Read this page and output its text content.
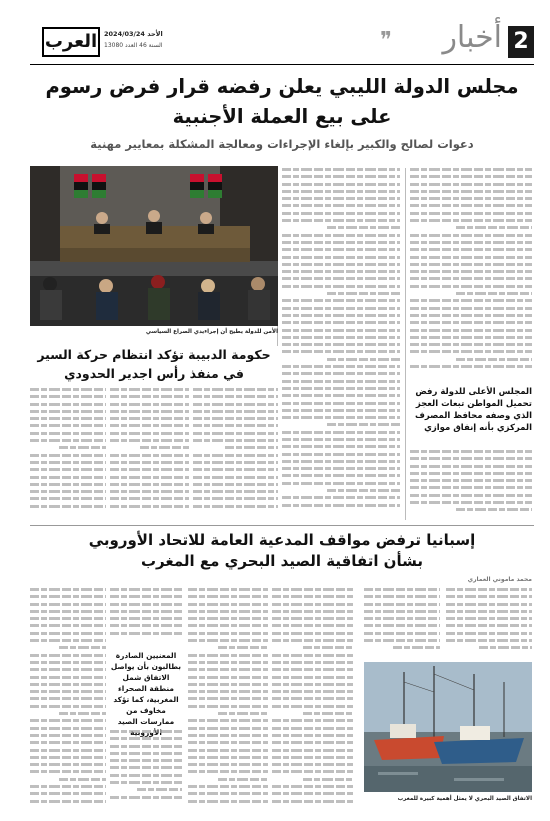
2
أخبار
❞
العرب الأحد 2024/03/24
السنة 46 العدد 13080
مجلس الدولة الليبي يعلن رفضه قرار فرض رسوم
على بيع العملة الأجنبية
دعوات لصالح والكبير بإلغاء الإجراءات ومعالجة المشكلة بمعايير مهنية
المجلس الأعلى للدولة رفض تحميل المواطن تبعات العجز الذي وصفه محافظ المصرف المركزي بأنه إنفاق موازي
الأمن للدولة يطيح أن إجراءيدي الصراع السياسي
حكومة الدبيبة تؤكد انتظام حركة السير
في منفذ رأس اجدير الحدودي
إسبانيا ترفض مواقف المدعية العامة للاتحاد الأوروبي
بشأن اتفاقية الصيد البحري مع المغرب
محمد ماموني العماري
الاتفاق الصيد البحري لا يمثل أهمية كبيرة للمغرب
المعنيين الصادرة بطالبون بأن يواصل الاتفاق شمل منطقة الصحراء المغربية، كما تؤكد مخاوف من ممارسات الصيد
